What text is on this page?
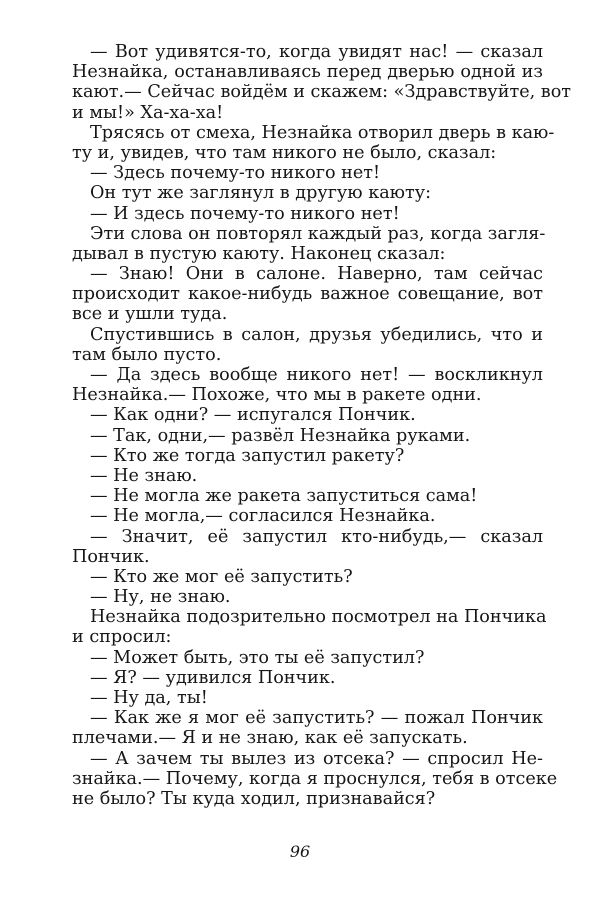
— Вот удивятся-то, когда увидят нас! — сказал
Незнайка, останавливаясь перед дверью одной из
кают.— Сейчас войдём и скажем: «Здравствуйте, вот
и мы!» Ха-ха-ха!
Трясясь от смеха, Незнайка отворил дверь в каю-
ту и, увидев, что там никого не было, сказал:
— Здесь почему-то никого нет!
Он тут же заглянул в другую каюту:
— И здесь почему-то никого нет!
Эти слова он повторял каждый раз, когда загля-
дывал в пустую каюту. Наконец сказал:
— Знаю! Они в салоне. Наверно, там сейчас
происходит какое-нибудь важное совещание, вот
все и ушли туда.
Спустившись в салон, друзья убедились, что и
там было пусто.
— Да здесь вообще никого нет! — воскликнул
Незнайка.— Похоже, что мы в ракете одни.
— Как одни? — испугался Пончик.
— Так, одни,— развёл Незнайка руками.
— Кто же тогда запустил ракету?
— Не знаю.
— Не могла же ракета запуститься сама!
— Не могла,— согласился Незнайка.
— Значит, её запустил кто-нибудь,— сказал
Пончик.
— Кто же мог её запустить?
— Ну, не знаю.
Незнайка подозрительно посмотрел на Пончика
и спросил:
— Может быть, это ты её запустил?
— Я? — удивился Пончик.
— Ну да, ты!
— Как же я мог её запустить? — пожал Пончик
плечами.— Я и не знаю, как её запускать.
— А зачем ты вылез из отсека? — спросил Не-
знайка.— Почему, когда я проснулся, тебя в отсеке
не было? Ты куда ходил, признавайся?
96
